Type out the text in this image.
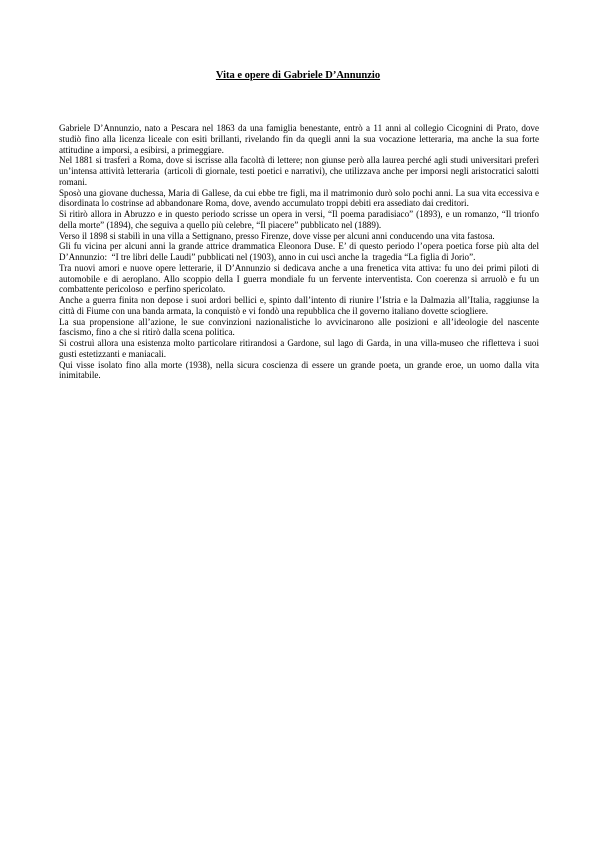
Vita e opere di Gabriele D’Annunzio

Gabriele D’Annunzio, nato a Pescara nel 1863 da una famiglia benestante, entrò a 11 anni al collegio Cicognini di Prato, dove studiò fino alla licenza liceale con esiti brillanti, rivelando fin da quegli anni la sua vocazione letteraria, ma anche la sua forte attitudine a imporsi, a esibirsi, a primeggiare.

Nel 1881 si trasferì a Roma, dove si iscrisse alla facoltà di lettere; non giunse però alla laurea perché agli studi universitari preferì un’intensa attività letteraria  (articoli di giornale, testi poetici e narrativi), che utilizzava anche per imporsi negli aristocratici salotti romani.

Sposò una giovane duchessa, Maria di Gallese, da cui ebbe tre figli, ma il matrimonio durò solo pochi anni. La sua vita eccessiva e disordinata lo costrinse ad abbandonare Roma, dove, avendo accumulato troppi debiti era assediato dai creditori.

Si ritirò allora in Abruzzo e in questo periodo scrisse un opera in versi, “Il poema paradisiaco” (1893), e un romanzo, “Il trionfo della morte” (1894), che seguiva a quello più celebre, “Il piacere” pubblicato nel (1889).

Verso il 1898 si stabilì in una villa a Settignano, presso Firenze, dove visse per alcuni anni conducendo una vita fastosa.

Gli fu vicina per alcuni anni la grande attrice drammatica Eleonora Duse. E’ di questo periodo l’opera poetica forse più alta del D’Annunzio:  “I tre libri delle Laudi” pubblicati nel (1903), anno in cui uscì anche la  tragedia “La figlia di Jorio”.

Tra nuovi amori e nuove opere letterarie, il D’Annunzio si dedicava anche a una frenetica vita attiva: fu uno dei primi piloti di automobile e di aeroplano. Allo scoppio della I guerra mondiale fu un fervente interventista. Con coerenza si arruolò e fu un combattente pericoloso  e perfino spericolato.

Anche a guerra finita non depose i suoi ardori bellici e, spinto dall’intento di riunire l’Istria e la Dalmazia all’Italia, raggiunse la città di Fiume con una banda armata, la conquistò e vi fondò una repubblica che il governo italiano dovette sciogliere.

La sua propensione all’azione, le sue convinzioni nazionalistiche lo avvicinarono alle posizioni e all’ideologie del nascente fascismo, fino a che si ritirò dalla scena politica.

Si costruì allora una esistenza molto particolare ritirandosi a Gardone, sul lago di Garda, in una villa-museo che rifletteva i suoi gusti estetizzanti e maniacali.

Qui visse isolato fino alla morte (1938), nella sicura coscienza di essere un grande poeta, un grande eroe, un uomo dalla vita inimitabile.
